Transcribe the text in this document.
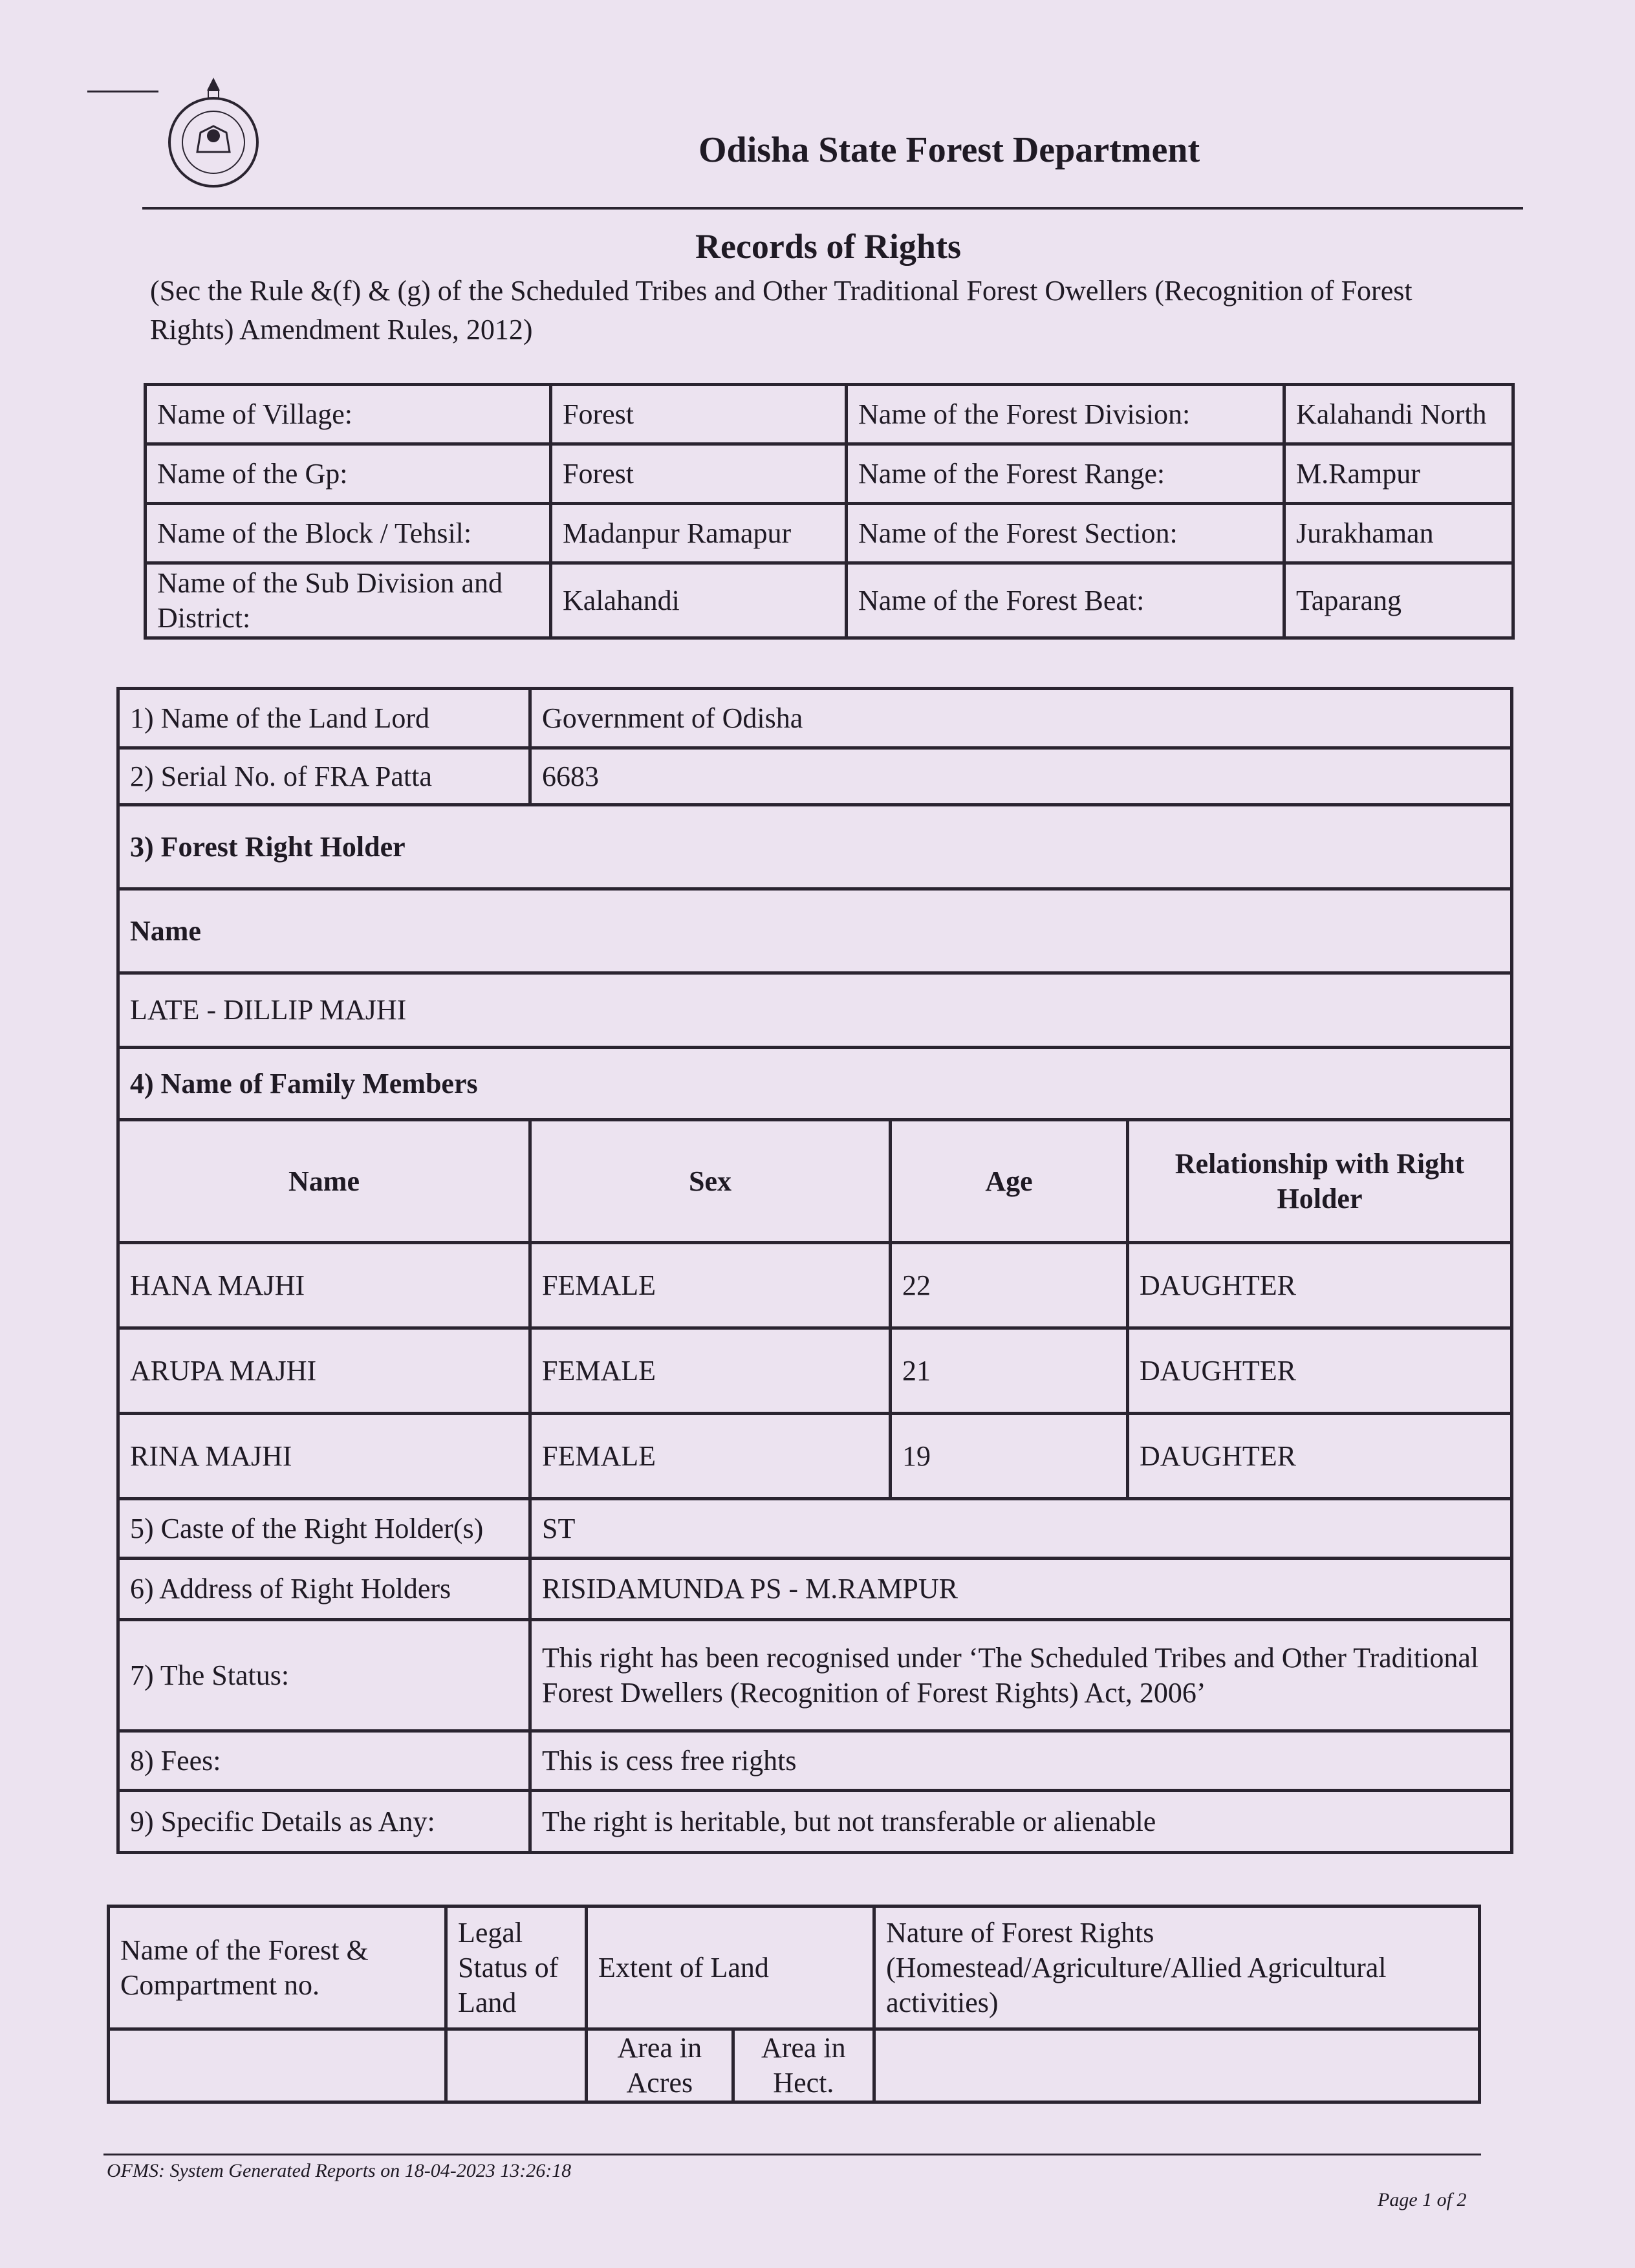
Odisha State Forest Department
Records of Rights
(Sec the Rule &(f) & (g) of the Scheduled Tribes and Other Traditional Forest Owellers (Recognition of Forest Rights) Amendment Rules, 2012)
Name of Village:	Forest	Name of the Forest Division:	Kalahandi North
Name of the Gp:	Forest	Name of the Forest Range:	M.Rampur
Name of the Block / Tehsil:	Madanpur Ramapur	Name of the Forest Section:	Jurakhaman
Name of the Sub Division and District:	Kalahandi	Name of the Forest Beat:	Taparang
1) Name of the Land Lord	Government of Odisha		
2) Serial No. of FRA Patta	6683		
3) Forest Right Holder			
Name			
LATE - DILLIP MAJHI			
4) Name of Family Members			
Name	Sex	Age	Relationship with Right Holder
HANA MAJHI	FEMALE	22	DAUGHTER
ARUPA MAJHI	FEMALE	21	DAUGHTER
RINA MAJHI	FEMALE	19	DAUGHTER
5) Caste of the Right Holder(s)	ST		
6) Address of Right Holders	RISIDAMUNDA PS - M.RAMPUR		
7) The Status:	This right has been recognised under ‘The Scheduled Tribes and Other Traditional Forest Dwellers (Recognition of Forest Rights) Act, 2006’		
8) Fees:	This is cess free rights		
9) Specific Details as Any:	The right is heritable, but not transferable or alienable		
Name of the Forest & Compartment no.	Legal Status of Land	Extent of Land		Nature of Forest Rights (Homestead/Agriculture/Allied Agricultural activities)
		Area in Acres	Area in Hect.	
OFMS: System Generated Reports on 18-04-2023 13:26:18
Page 1 of 2
